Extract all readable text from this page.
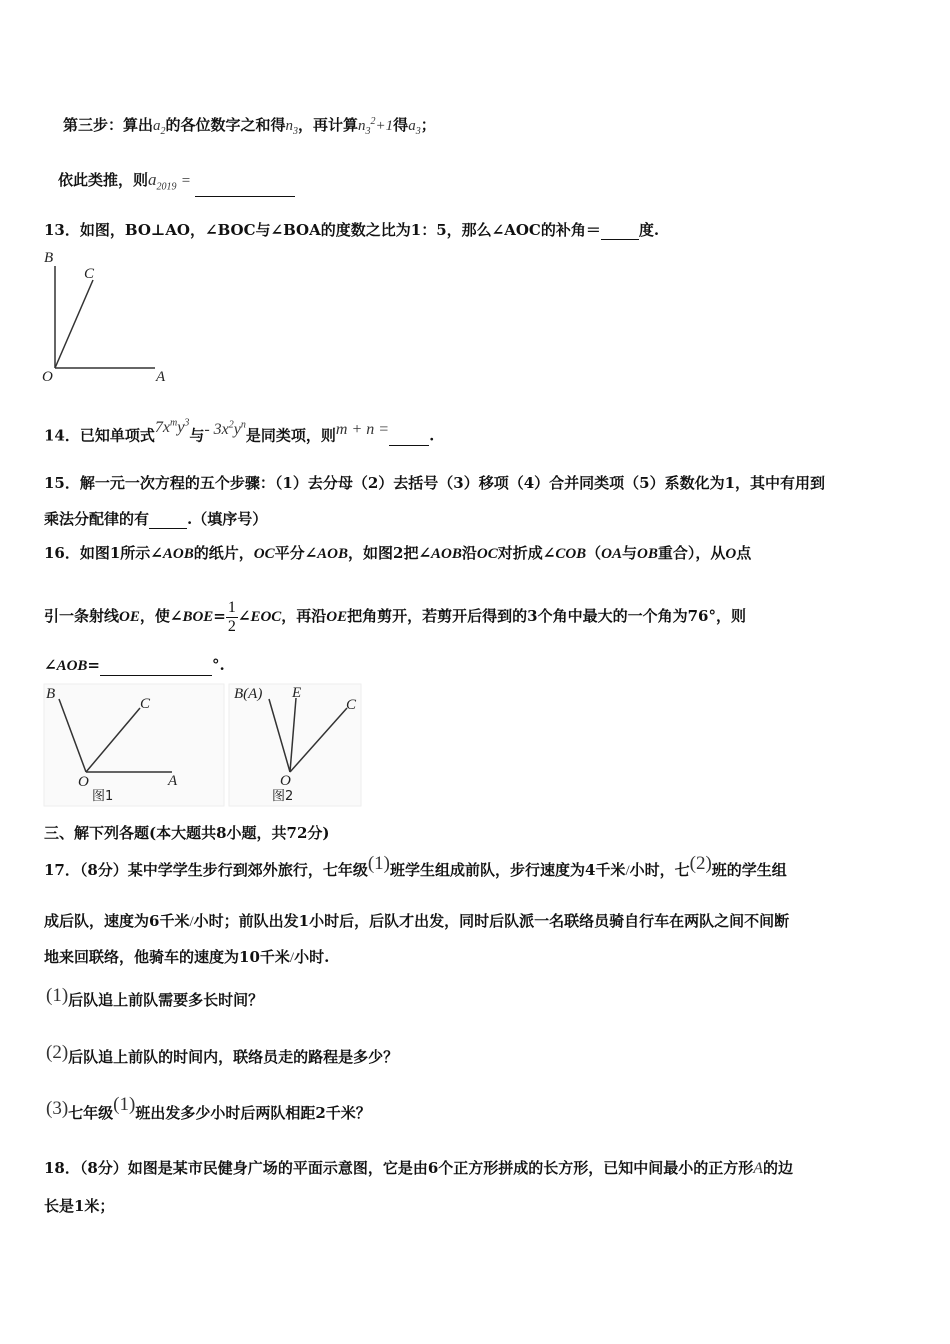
第三步：算出$a_2$的各位数字之和得$n_3$，再计算$n_3^2+1$得$a_3$；
依此类推，则$a_{2019}$ =
13．如图，BO⊥AO，∠BOC与∠BOA的度数之比为1：5，那么∠AOC的补角＝	度.
B
C
O	A
14．已知单项式$7x^my^3$与- $3x^2y^n$是同类项，则m + n =	.
15．解一元一次方程的五个步骤：（1）去分母（2）去括号（3）移项（4）合并同类项（5）系数化为1，其中有用到
乘法分配律的有	.（填序号）
16．如图1所示∠AOB的纸片，OC平分∠AOB，如图2把∠AOB沿OC对折成∠COB（OA与OB重合），从O点
引一条射线OE，使∠BOE= $\frac{1}{2}$ ∠EOC，再沿OE把角剪开，若剪开后得到的3个角中最大的一个角为76°，则
∠AOB=	°.
B
C
O	A
图1
B(A) E
C
O
图2
三、解下列各题(本大题共8小题，共72分)
17．（8分）某中学学生步行到郊外旅行，七年级(1)班学生组成前队，步行速度为4千米/小时，七(2)班的学生组
成后队，速度为6千米/小时；前队出发1小时后，后队才出发，同时后队派一名联络员骑自行车在两队之间不间断
地来回联络，他骑车的速度为10千米/小时.
(1)后队追上前队需要多长时间？
(2)后队追上前队的时间内，联络员走的路程是多少？
(3)七年级(1)班出发多少小时后两队相距2千米？
18．（8分）如图是某市民健身广场的平面示意图，它是由6个正方形拼成的长方形，已知中间最小的正方形A的边
长是1米；
